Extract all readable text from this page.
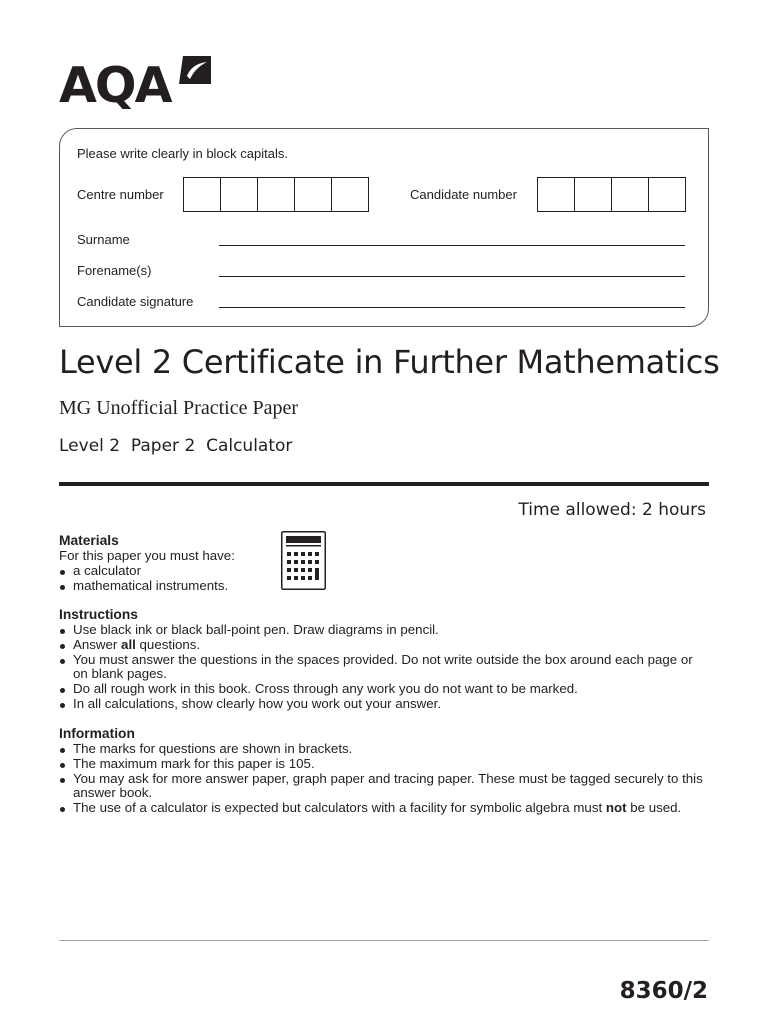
AQA
Please write clearly in block capitals.
Centre number	Candidate number
Surname
Forename(s)
Candidate signature
Level 2 Certificate in Further Mathematics
MG Unofficial Practice Paper
Level 2  Paper 2  Calculator
Time allowed: 2 hours
Materials

For this paper you must have:

a calculator
mathematical instruments.
Instructions
Use black ink or black ball-point pen. Draw diagrams in pencil.
Answer all questions.
You must answer the questions in the spaces provided. Do not write outside the box around each page or on blank pages.
Do all rough work in this book. Cross through any work you do not want to be marked.
In all calculations, show clearly how you work out your answer.
Information
The marks for questions are shown in brackets.
The maximum mark for this paper is 105.
You may ask for more answer paper, graph paper and tracing paper. These must be tagged securely to this answer book.
The use of a calculator is expected but calculators with a facility for symbolic algebra must not be used.
8360/2
